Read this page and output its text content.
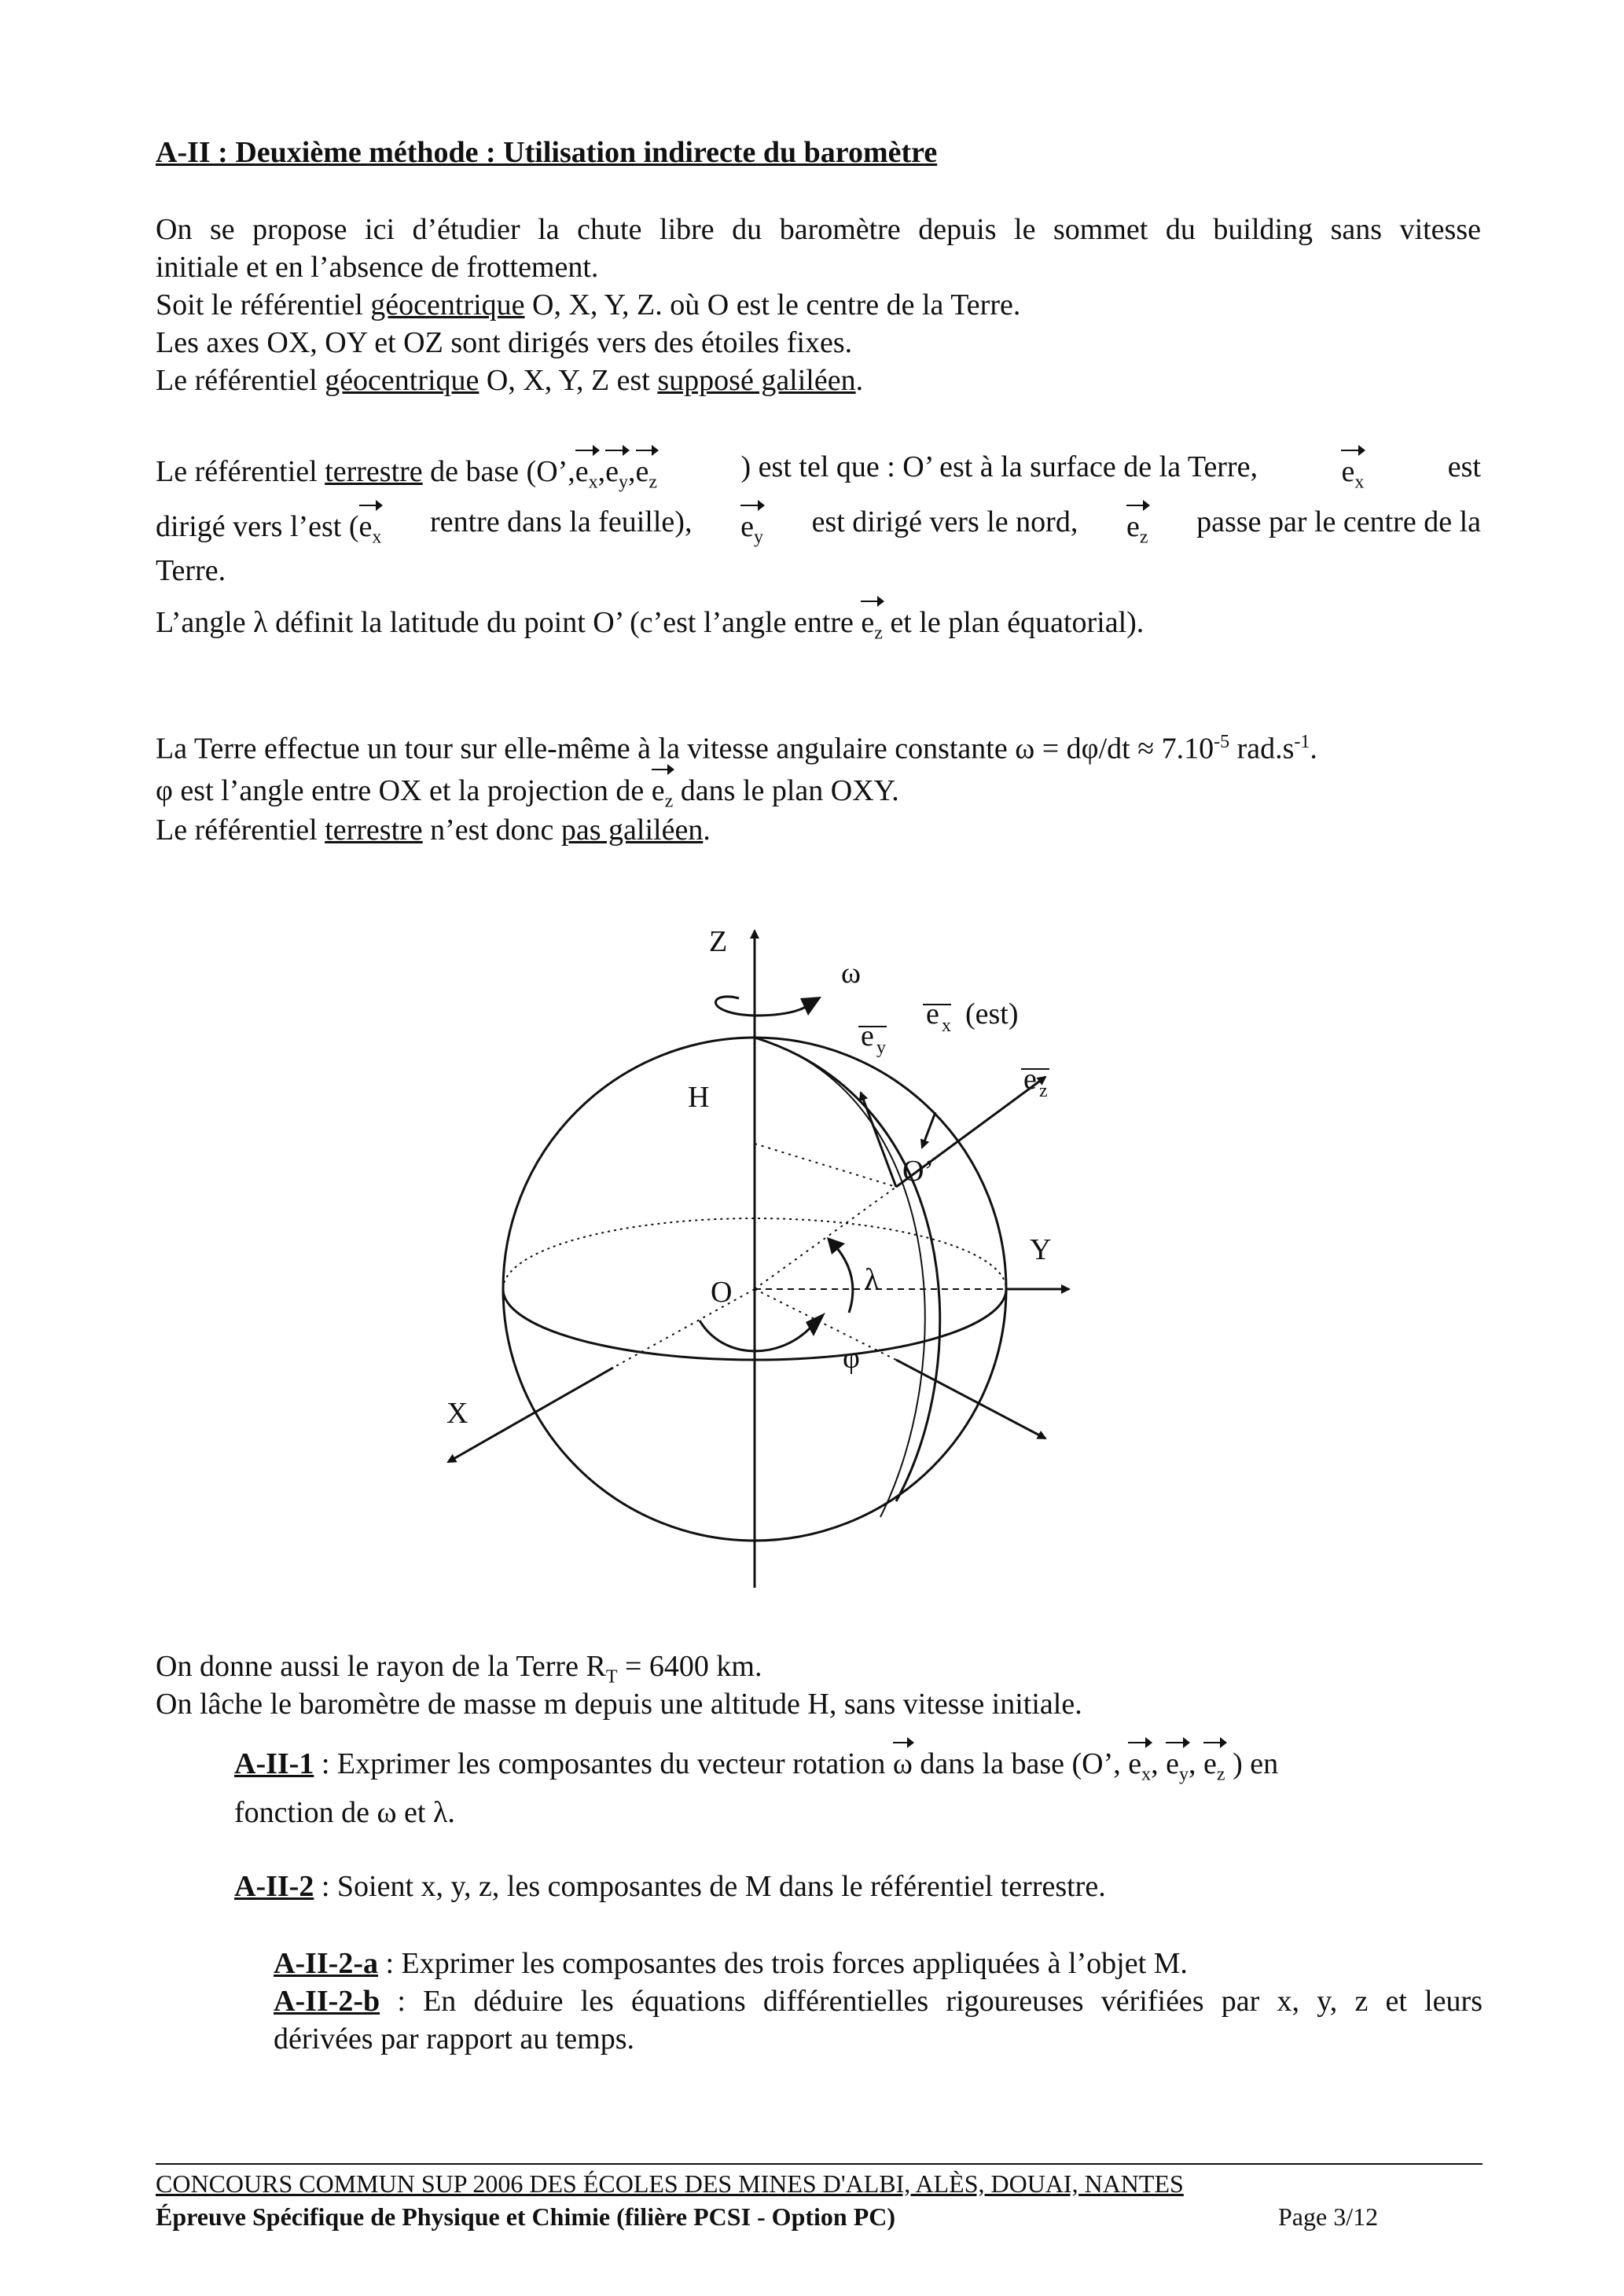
A-II : Deuxième méthode : Utilisation indirecte du baromètre
On se propose ici d’étudier la chute libre du baromètre depuis le sommet du building sans vitesse
initiale et en l’absence de frottement.
Soit le référentiel géocentrique O, X, Y, Z. où O est le centre de la Terre.
Les axes OX, OY et OZ sont dirigés vers des étoiles fixes.
Le référentiel géocentrique O, X, Y, Z est supposé galiléen.
Le référentiel terrestre de base ($O’,e_x,e_y,e_z$	) est tel que : O’ est à la surface de la Terre,	$e_x$	est
dirigé vers l’est ($e_x$ rentre dans la feuille), $e_y$ est dirigé vers le nord, $e_z$ passe par le centre de la
Terre.
L’angle λ définit la latitude du point O’ (c’est l’angle entre $e_z$ et le plan équatorial).
La Terre effectue un tour sur elle-même à la vitesse angulaire constante $\omega = d\varphi/dt \approx 7.10^{-5}$ $rad.s^{-1}$.
φ est l’angle entre OX et la projection de $e_z$ dans le plan OXY.
Le référentiel terrestre n’est donc pas galiléen.
Z
ω
e x (est)
e y
e z
H
O’
Y
O	λ
φ
X
On donne aussi le rayon de la Terre $R_T = 6400$ km.
On lâche le baromètre de masse m depuis une altitude H, sans vitesse initiale.
A-II-1 : Exprimer les composantes du vecteur rotation ω dans la base (O’, $e_x$, $e_y$, $e_z$ ) en
fonction de ω et λ.
A-II-2 : Soient x, y, z, les composantes de M dans le référentiel terrestre.
A-II-2-a : Exprimer les composantes des trois forces appliquées à l’objet M.
A-II-2-b : En déduire les équations différentielles rigoureuses vérifiées par x, y, z et leurs
dérivées par rapport au temps.
CONCOURS COMMUN SUP 2006 DES ÉCOLES DES MINES D'ALBI, ALÈS, DOUAI, NANTES
Épreuve Spécifique de Physique et Chimie (filière PCSI - Option PC)	Page 3/12
